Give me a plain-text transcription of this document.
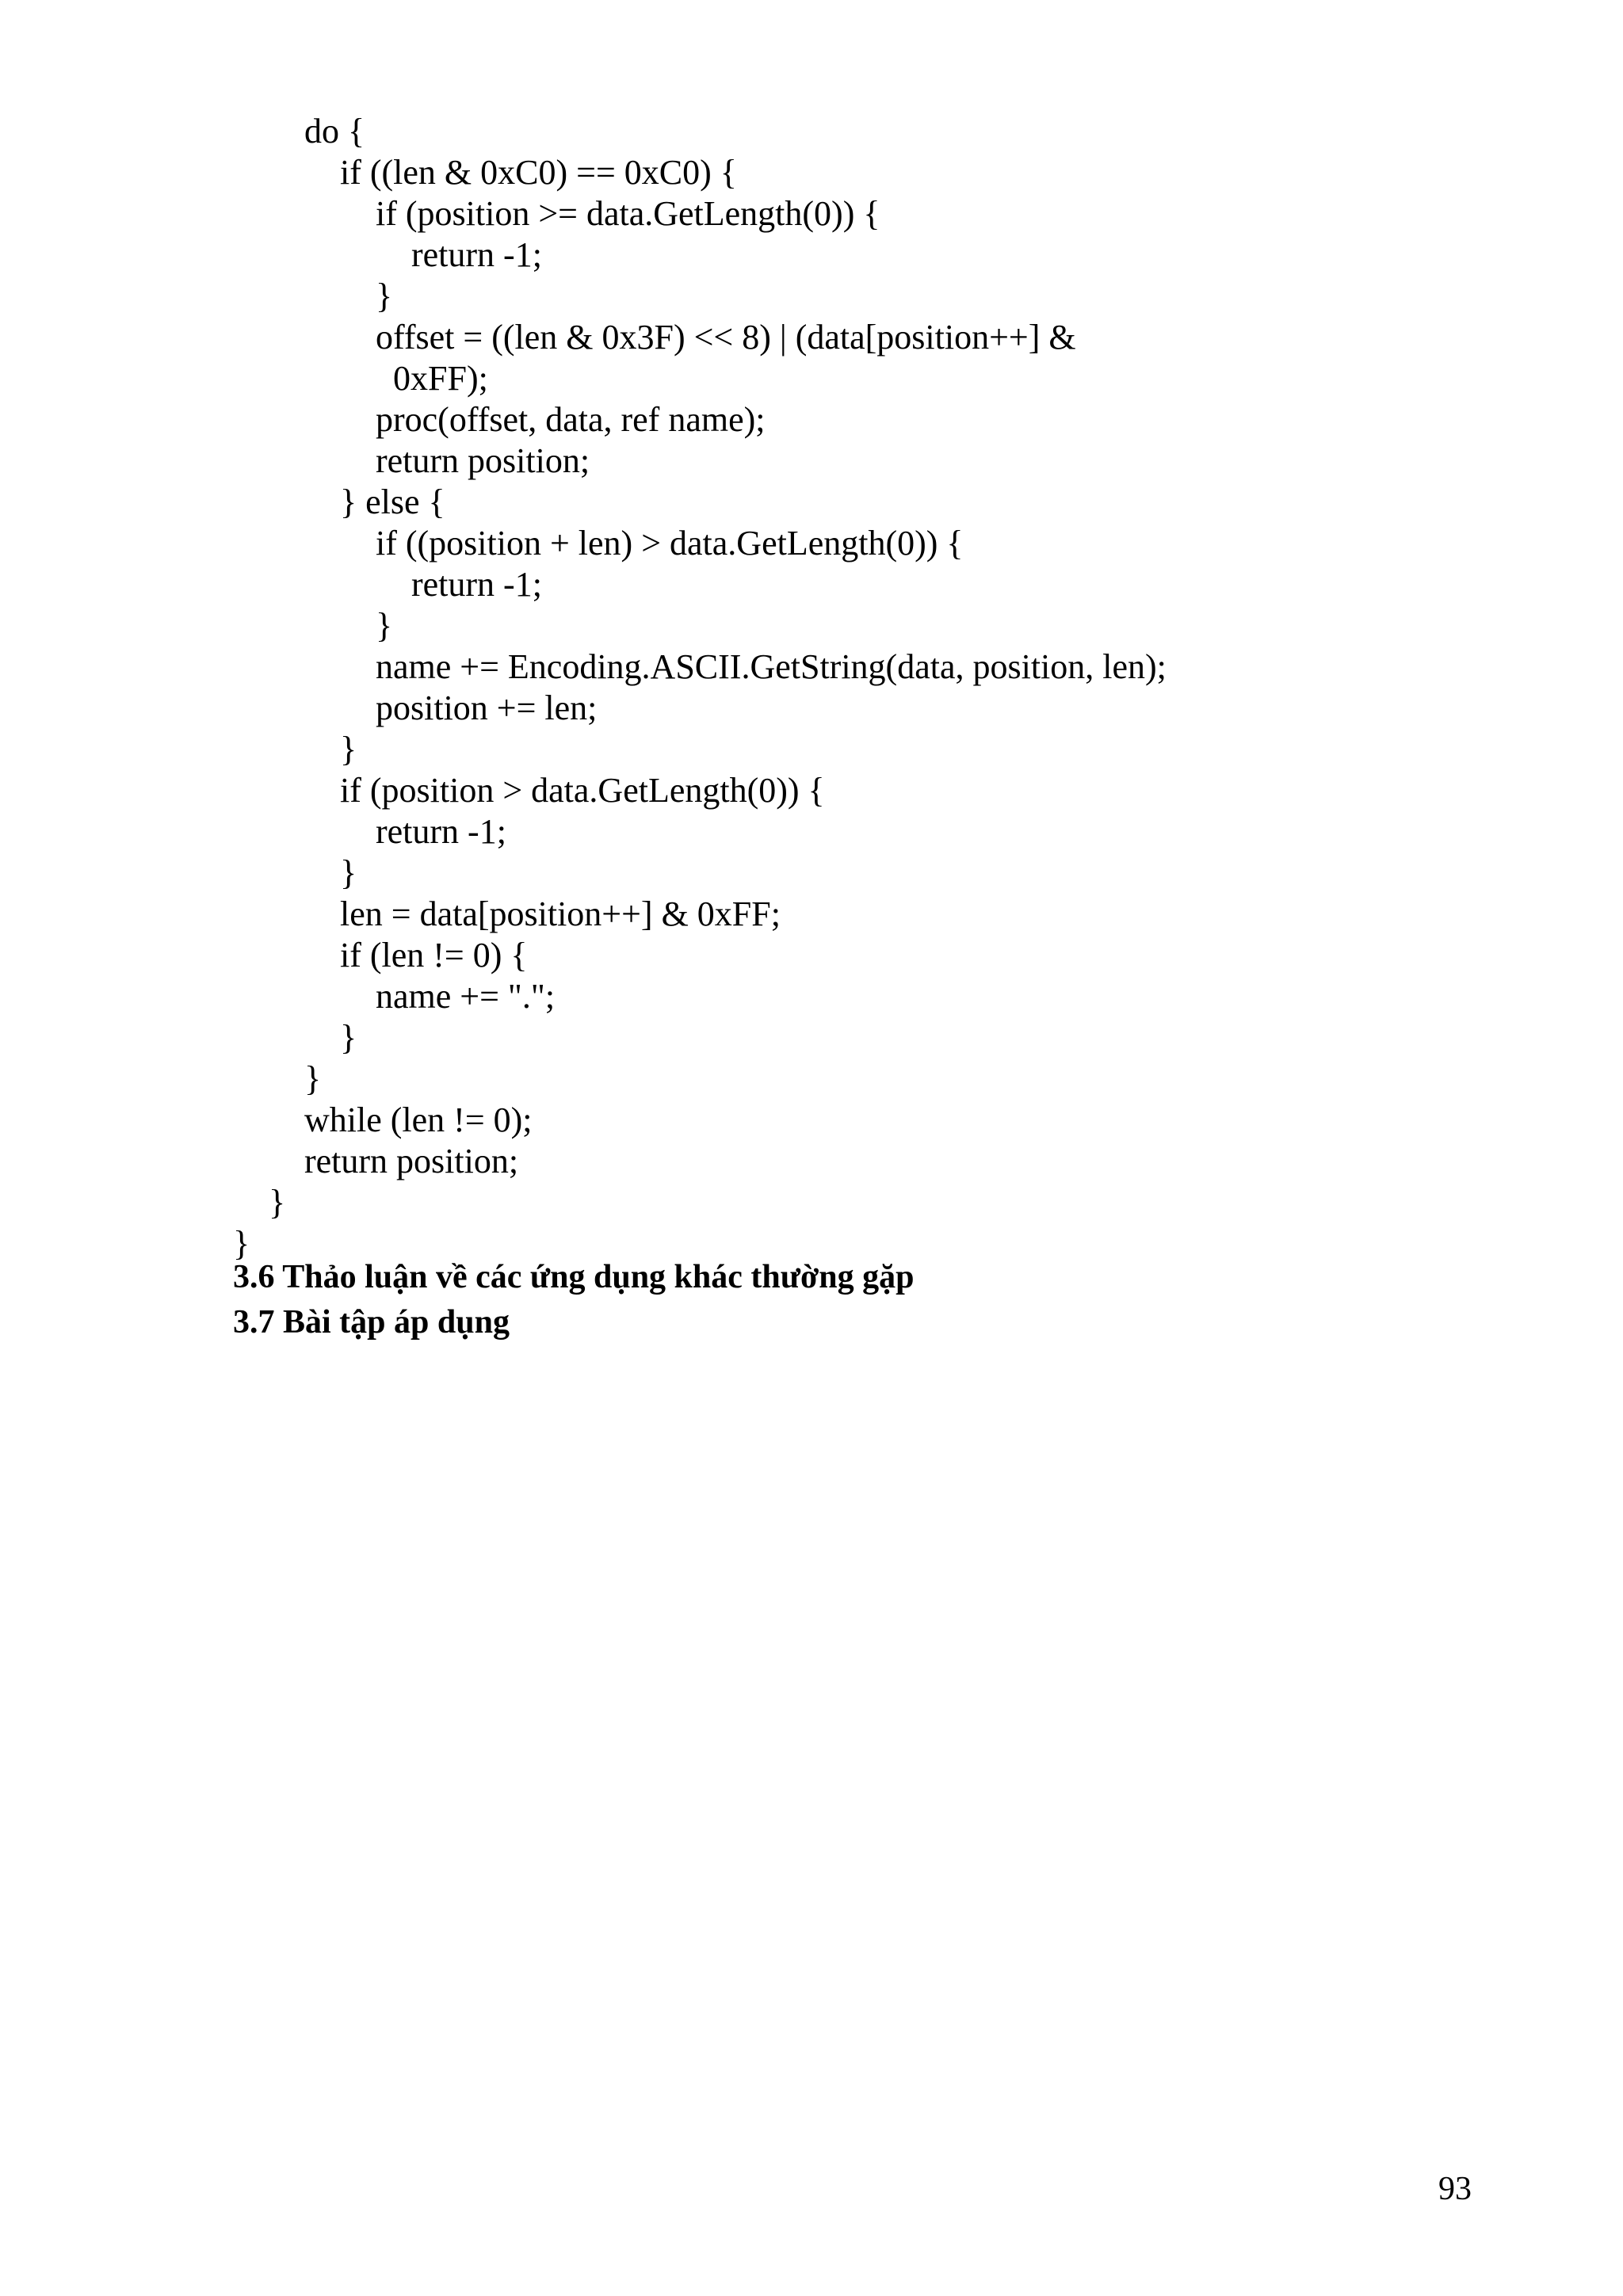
do {
if ((len & 0xC0) == 0xC0) {
if (position >= data.GetLength(0)) {
return -1;
}
offset = ((len & 0x3F) << 8) | (data[position++] &
0xFF);
proc(offset, data, ref name);
return position;
} else {
if ((position + len) > data.GetLength(0)) {
return -1;
}
name += Encoding.ASCII.GetString(data, position, len);
position += len;
}
if (position > data.GetLength(0)) {
return -1;
}
len = data[position++] & 0xFF;
if (len != 0) {
name += ".";
}
}
while (len != 0);
return position;
}
}
3.6 Thảo luận về các ứng dụng khác thường gặp
3.7 Bài tập áp dụng
93
